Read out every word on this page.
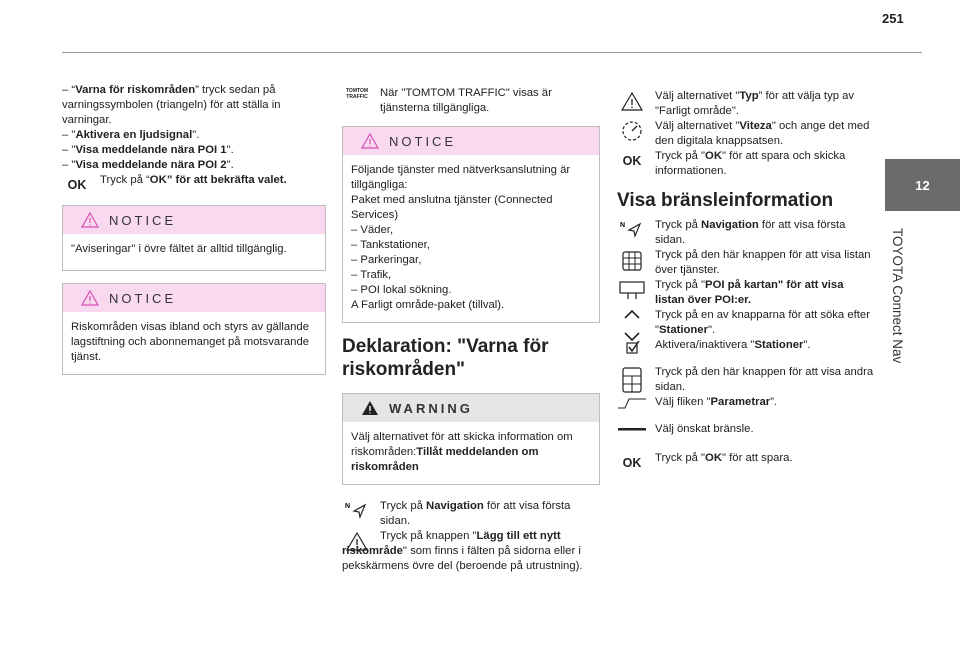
251
12
TOYOTA Connect Nav

– “Varna för riskområden” tryck sedan på varningssymbolen (triangeln) för att ställa in varningar.

– "Aktivera en ljudsignal".

– "Visa meddelande nära POI 1".

– "Visa meddelande nära POI 2".

OK	Tryck på “OK” för att bekräfta valet.

NOTICE
"Aviseringar" i övre fältet är alltid tillgänglig.
NOTICE
Riskområden visas ibland och styrs av gällande lagstiftning och abonnemanget på motsvarande tjänst.
TOMTOM TRAFFIC	När "TOMTOM TRAFFIC" visas är tjänsterna tillgängliga.

NOTICE

Följande tjänster med nätverksanslutning är tillgängliga:

Paket med anslutna tjänster (Connected Services)

– Väder,

– Tankstationer,

– Parkeringar,

– Trafik,

– POI lokal sökning.

A Farligt område-paket (tillval).

Deklaration: "Varna för riskområden"
WARNING
Välj alternativet för att skicka information om riskområden:Tillåt meddelanden om riskområden
N	Tryck på Navigation för att visa första sidan.

Tryck på knappen "Lägg till ett nytt riskområde" som finns i fälten på sidorna eller i pekskärmens övre del (beroende på utrustning).

Välj alternativet "Typ” för att välja typ av "Farligt område".

Välj alternativet "Viteza" och ange det med den digitala knappsatsen.

OK	Tryck på "OK" för att spara och skicka informationen.

Visa bränsleinformation
N	Tryck på Navigation för att visa första sidan.

Tryck på den här knappen för att visa listan över tjänster.

Tryck på "POI på kartan" för att visa listan över POI:er.

Tryck på en av knapparna för att söka efter "Stationer".

Aktivera/inaktivera "Stationer".

Tryck på den här knappen för att visa andra sidan.

Välj fliken "Parametrar”.

Välj önskat bränsle.

OK	Tryck på "OK" för att spara.
